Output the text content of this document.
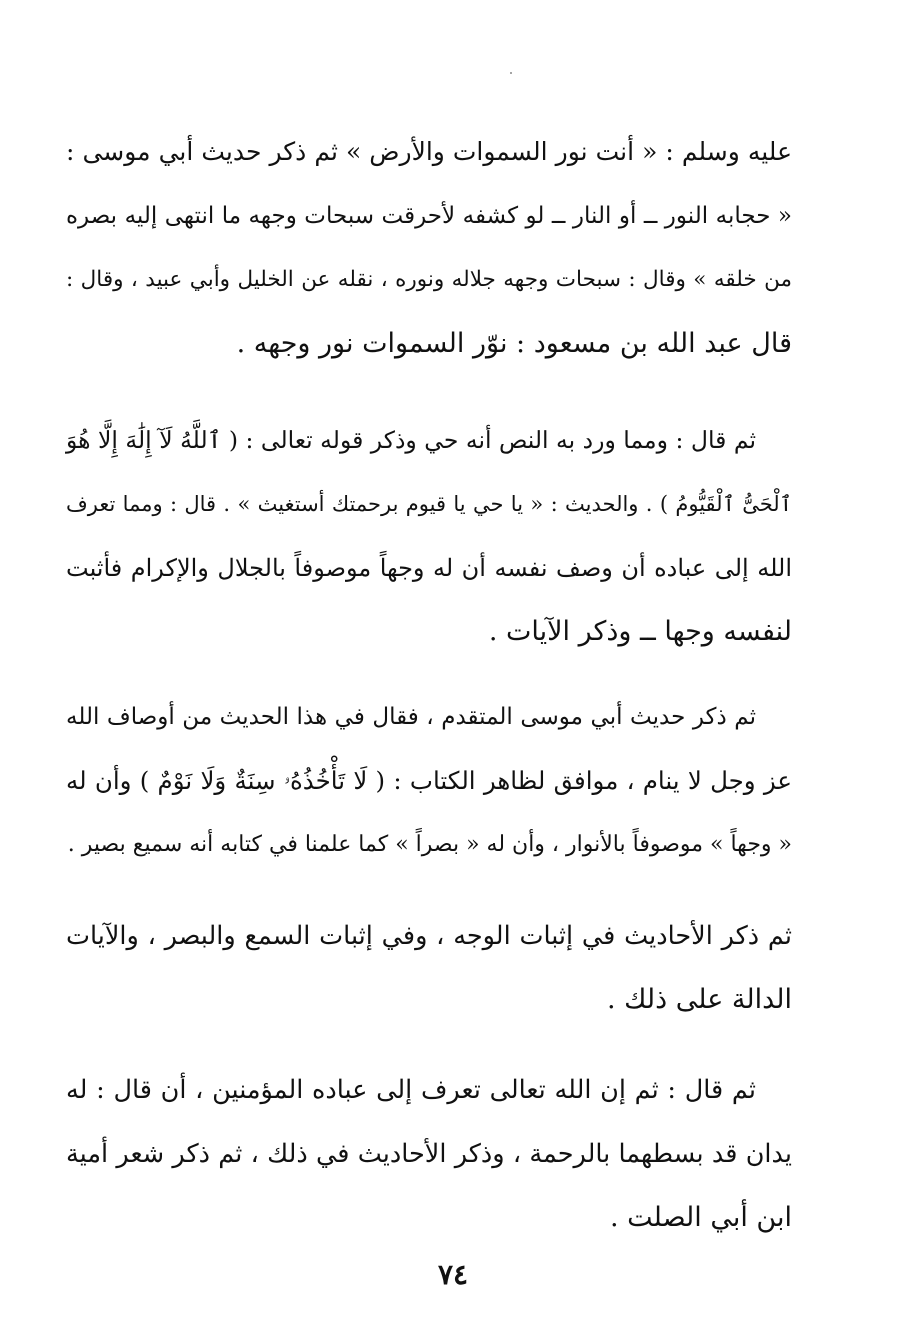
عليه وسلم : « أنت نور السموات والأرض » ثم ذكر حديث أبي موسى :
« حجابه النور ــ أو النار ــ لو كشفه لأحرقت سبحات وجهه ما انتهى إليه بصره
من خلقه » وقال : سبحات وجهه جلاله ونوره ، نقله عن الخليل وأبي عبيد ، وقال :
قال عبد الله بن مسعود : نوّر السموات نور وجهه .
ثم قال : ومما ورد به النص أنه حي وذكر قوله تعالى : ( ٱللَّهُ لَآ إِلَٰهَ إِلَّا هُوَ
ٱلْحَىُّ ٱلْقَيُّومُ ) . والحديث : « يا حي يا قيوم برحمتك أستغيث » . قال : ومما تعرف
الله إلى عباده أن وصف نفسه أن له وجهاً موصوفاً بالجلال والإكرام فأثبت
لنفسه وجها ــ وذكر الآيات .
ثم ذكر حديث أبي موسى المتقدم ، فقال في هذا الحديث من أوصاف الله
عز وجل لا ينام ، موافق لظاهر الكتاب : ( لَا تَأْخُذُهُۥ سِنَةٌ وَلَا نَوْمٌ ) وأن له
« وجهاً » موصوفاً بالأنوار ، وأن له « بصراً » كما علمنا في كتابه أنه سميع بصير .
ثم ذكر الأحاديث في إثبات الوجه ، وفي إثبات السمع والبصر ، والآيات
الدالة على ذلك .
ثم قال : ثم إن الله تعالى تعرف إلى عباده المؤمنين ، أن قال : له
يدان قد بسطهما بالرحمة ، وذكر الأحاديث في ذلك ، ثم ذكر شعر أمية
ابن أبي الصلت .
٧٤
